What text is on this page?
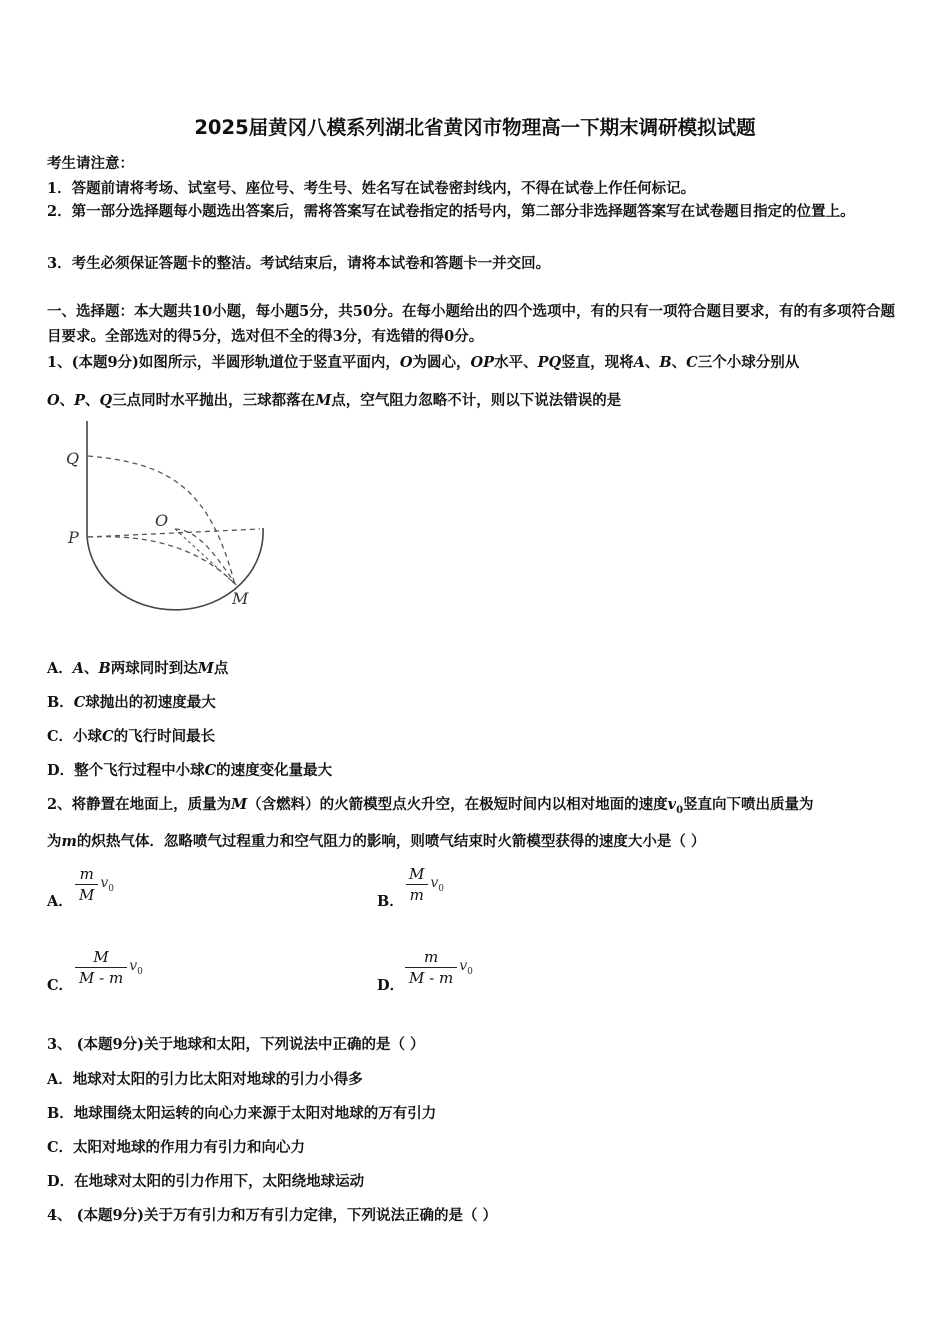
2025届黄冈八模系列湖北省黄冈市物理高一下期末调研模拟试题
考生请注意：
1．答题前请将考场、试室号、座位号、考生号、姓名写在试卷密封线内，不得在试卷上作任何标记。
2．第一部分选择题每小题选出答案后，需将答案写在试卷指定的括号内，第二部分非选择题答案写在试卷题目指定的位置上。
3．考生必须保证答题卡的整洁。考试结束后，请将本试卷和答题卡一并交回。
一、选择题：本大题共10小题，每小题5分，共50分。在每小题给出的四个选项中，有的只有一项符合题目要求，有的有多项符合题目要求。全部选对的得5分，选对但不全的得3分，有选错的得0分。
1、(本题9分)如图所示，半圆形轨道位于竖直平面内，O为圆心，OP水平、PQ竖直，现将A、B、C三个小球分别从
O、P、Q三点同时水平抛出，三球都落在M点，空气阻力忽略不计，则以下说法错误的是
Q
P
O
M
A．A、B两球同时到达M点
B．C球抛出的初速度最大
C．小球C的飞行时间最长
D．整个飞行过程中小球C的速度变化量最大
2、将静置在地面上，质量为M（含燃料）的火箭模型点火升空，在极短时间内以相对地面的速度$v_0$竖直向下喷出质量为
为m的炽热气体．忽略喷气过程重力和空气阻力的影响，则喷气结束时火箭模型获得的速度大小是（ ）
A． $\frac{m}{M} v_0$
B． $\frac{M}{m} v_0$
C． $\frac{M}{M - m} v_0$
D． $\frac{m}{M - m} v_0$
3、 (本题9分)关于地球和太阳，下列说法中正确的是（ ）
A．地球对太阳的引力比太阳对地球的引力小得多
B．地球围绕太阳运转的向心力来源于太阳对地球的万有引力
C．太阳对地球的作用力有引力和向心力
D．在地球对太阳的引力作用下，太阳绕地球运动
4、 (本题9分)关于万有引力和万有引力定律，下列说法正确的是（ ）
